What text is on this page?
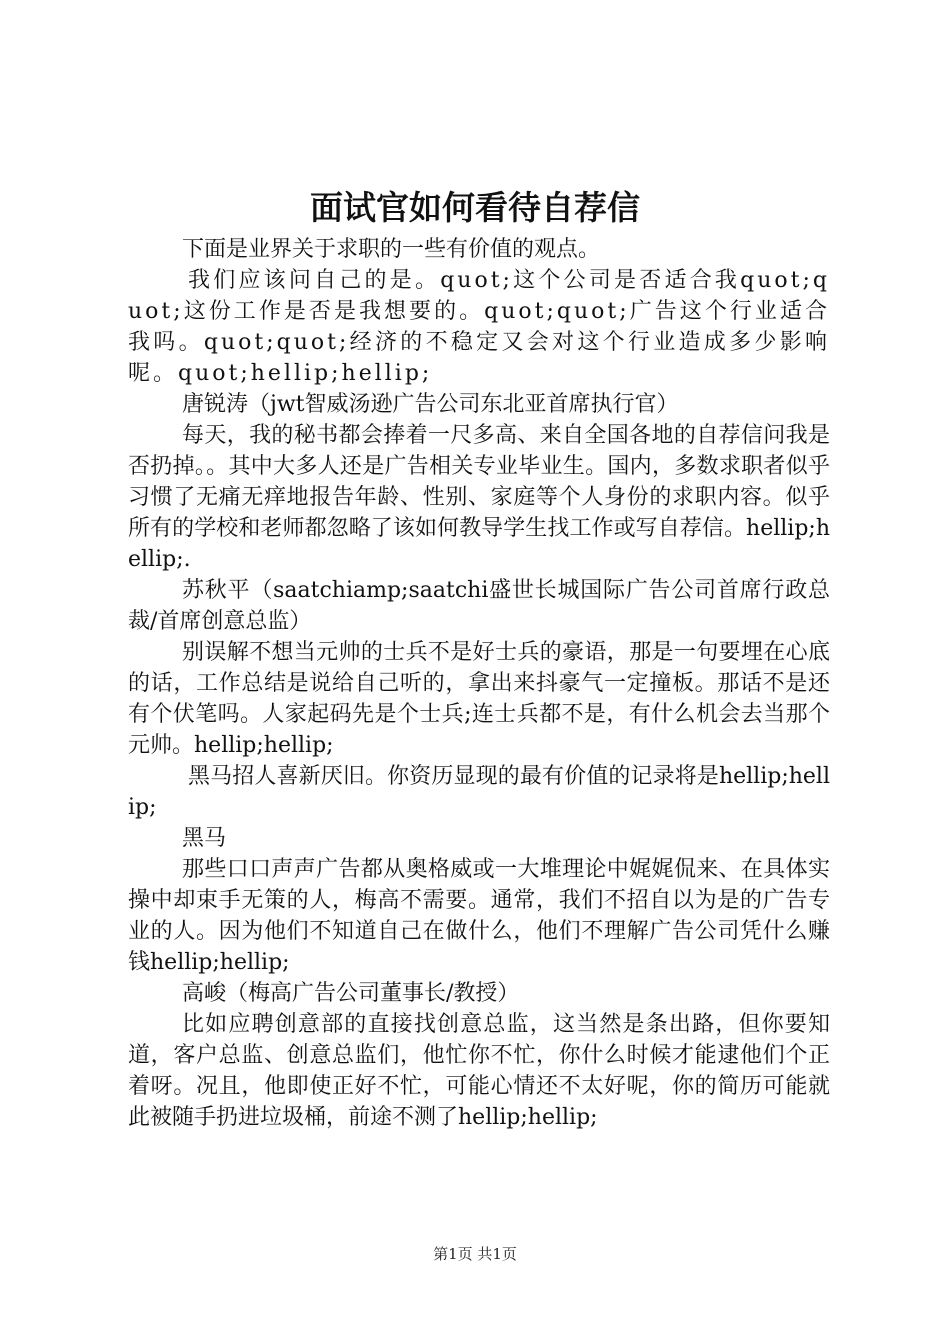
面试官如何看待自荐信

下面是业界关于求职的一些有价值的观点。

我们应该问自己的是。quot;这个公司是否适合我quot;quot;这份工作是否是我想要的。quot;quot;广告这个行业适合我吗。quot;quot;经济的不稳定又会对这个行业造成多少影响呢。quot;hellip;hellip;

唐锐涛（jwt智威汤逊广告公司东北亚首席执行官）

每天，我的秘书都会捧着一尺多高、来自全国各地的自荐信问我是否扔掉。。其中大多人还是广告相关专业毕业生。国内，多数求职者似乎习惯了无痛无痒地报告年龄、性别、家庭等个人身份的求职内容。似乎所有的学校和老师都忽略了该如何教导学生找工作或写自荐信。hellip;hellip;.

苏秋平（saatchiamp;saatchi盛世长城国际广告公司首席行政总裁/首席创意总监）

别误解不想当元帅的士兵不是好士兵的豪语，那是一句要埋在心底的话，工作总结是说给自己听的，拿出来抖豪气一定撞板。那话不是还有个伏笔吗。人家起码先是个士兵;连士兵都不是，有什么机会去当那个元帅。hellip;hellip;

黑马招人喜新厌旧。你资历显现的最有价值的记录将是hellip;hellip;

黑马

那些口口声声广告都从奥格威或一大堆理论中娓娓侃来、在具体实操中却束手无策的人，梅高不需要。通常，我们不招自以为是的广告专业的人。因为他们不知道自己在做什么，他们不理解广告公司凭什么赚钱hellip;hellip;

高峻（梅高广告公司董事长/教授）

比如应聘创意部的直接找创意总监，这当然是条出路，但你要知道，客户总监、创意总监们，他忙你不忙，你什么时候才能逮他们个正着呀。况且，他即使正好不忙，可能心情还不太好呢，你的简历可能就此被随手扔进垃圾桶，前途不测了hellip;hellip;

第1页 共1页
